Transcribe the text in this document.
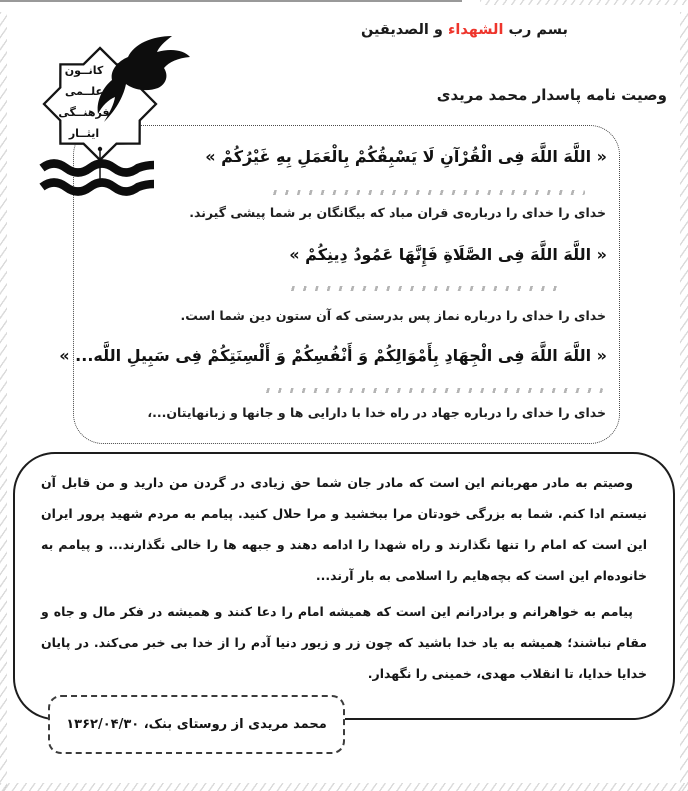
بسم رب
الشهداء
و الصدیقین
وصیت نامه پاسدار محمد مریدی
« اللَّهَ اللَّهَ فِی الْقُرْآنِ لَا یَسْبِقُکُمْ بِالْعَمَلِ بِهِ غَیْرُکُمْ »
خدای را خدای را درباره‌ی قران مباد که بیگانگان بر شما پیشی گیرند.
« اللَّهَ اللَّهَ فِی الصَّلَاةِ فَإِنَّهَا عَمُودُ دِینِکُمْ »
خدای را خدای را درباره نماز پس بدرستی که آن ستون دین شما است.
« اللَّهَ اللَّهَ فِی الْجِهَادِ بِأَمْوَالِکُمْ وَ أَنْفُسِکُمْ وَ أَلْسِنَتِکُمْ فِی سَبِیلِ اللَّه... »
خدای را خدای را درباره جهاد در راه خدا با دارایی ها و جانها و زبانهایتان...،
کانــون
علــمی
فرهنــگی
ایثــار

وصیتم به مادر مهربانم این است که مادر جان شما حق زیادی در گردن من دارید و من قابل آن نیستم ادا کنم. شما به بزرگی خودتان مرا ببخشید و مرا حلال کنید. پیامم به مردم شهید پرور ایران این است که امام را تنها نگذارند و راه شهدا را ادامه دهند و جبهه ها را خالی نگذارند... و پیامم به خانوده‌ام این است که بچه‌هایم را اسلامی به بار آرند...

پیامم به خواهرانم و برادرانم این است که همیشه امام را دعا کنند و همیشه در فکر مال و جاه و مقام نباشند؛ همیشه به یاد خدا باشید که چون زر و زیور دنیا آدم را از خدا بی خبر می‌کند. در پایان خدایا خدایا، تا انقلاب مهدی، خمینی را نگهدار.

محمد مریدی از روستای بنک، ۱۳۶۲/۰۴/۳۰
